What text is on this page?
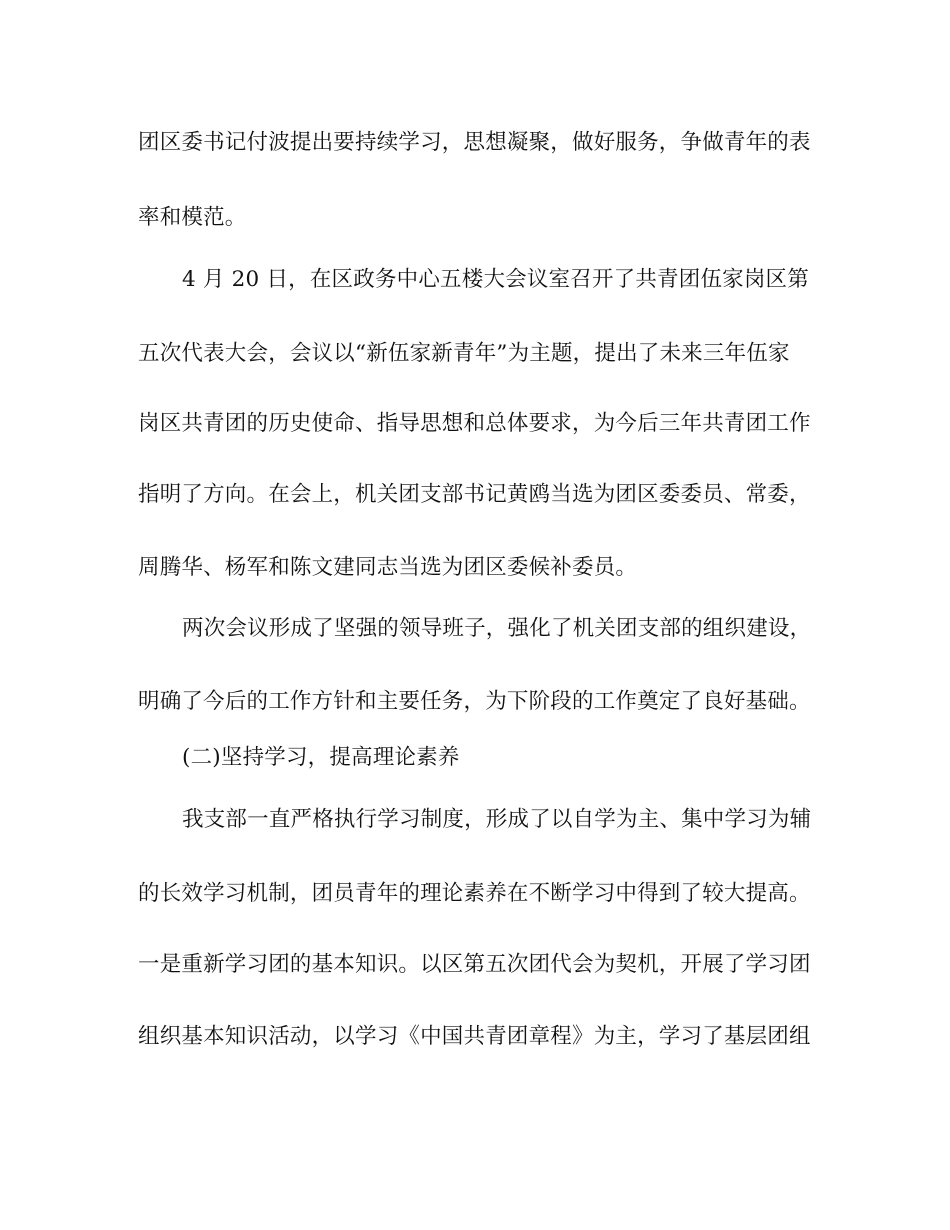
团区委书记付波提出要持续学习，思想凝聚，做好服务，争做青年的表
率和模范。
4 月 20 日，在区政务中心五楼大会议室召开了共青团伍家岗区第
五次代表大会，会议以“新伍家新青年”为主题，提出了未来三年伍家
岗区共青团的历史使命、指导思想和总体要求，为今后三年共青团工作
指明了方向。在会上，机关团支部书记黄鸥当选为团区委委员、常委，
周腾华、杨军和陈文建同志当选为团区委候补委员。
两次会议形成了坚强的领导班子，强化了机关团支部的组织建设，
明确了今后的工作方针和主要任务，为下阶段的工作奠定了良好基础。
(二)坚持学习，提高理论素养
我支部一直严格执行学习制度，形成了以自学为主、集中学习为辅
的长效学习机制，团员青年的理论素养在不断学习中得到了较大提高。
一是重新学习团的基本知识。以区第五次团代会为契机，开展了学习团
组织基本知识活动，以学习《中国共青团章程》为主，学习了基层团组
